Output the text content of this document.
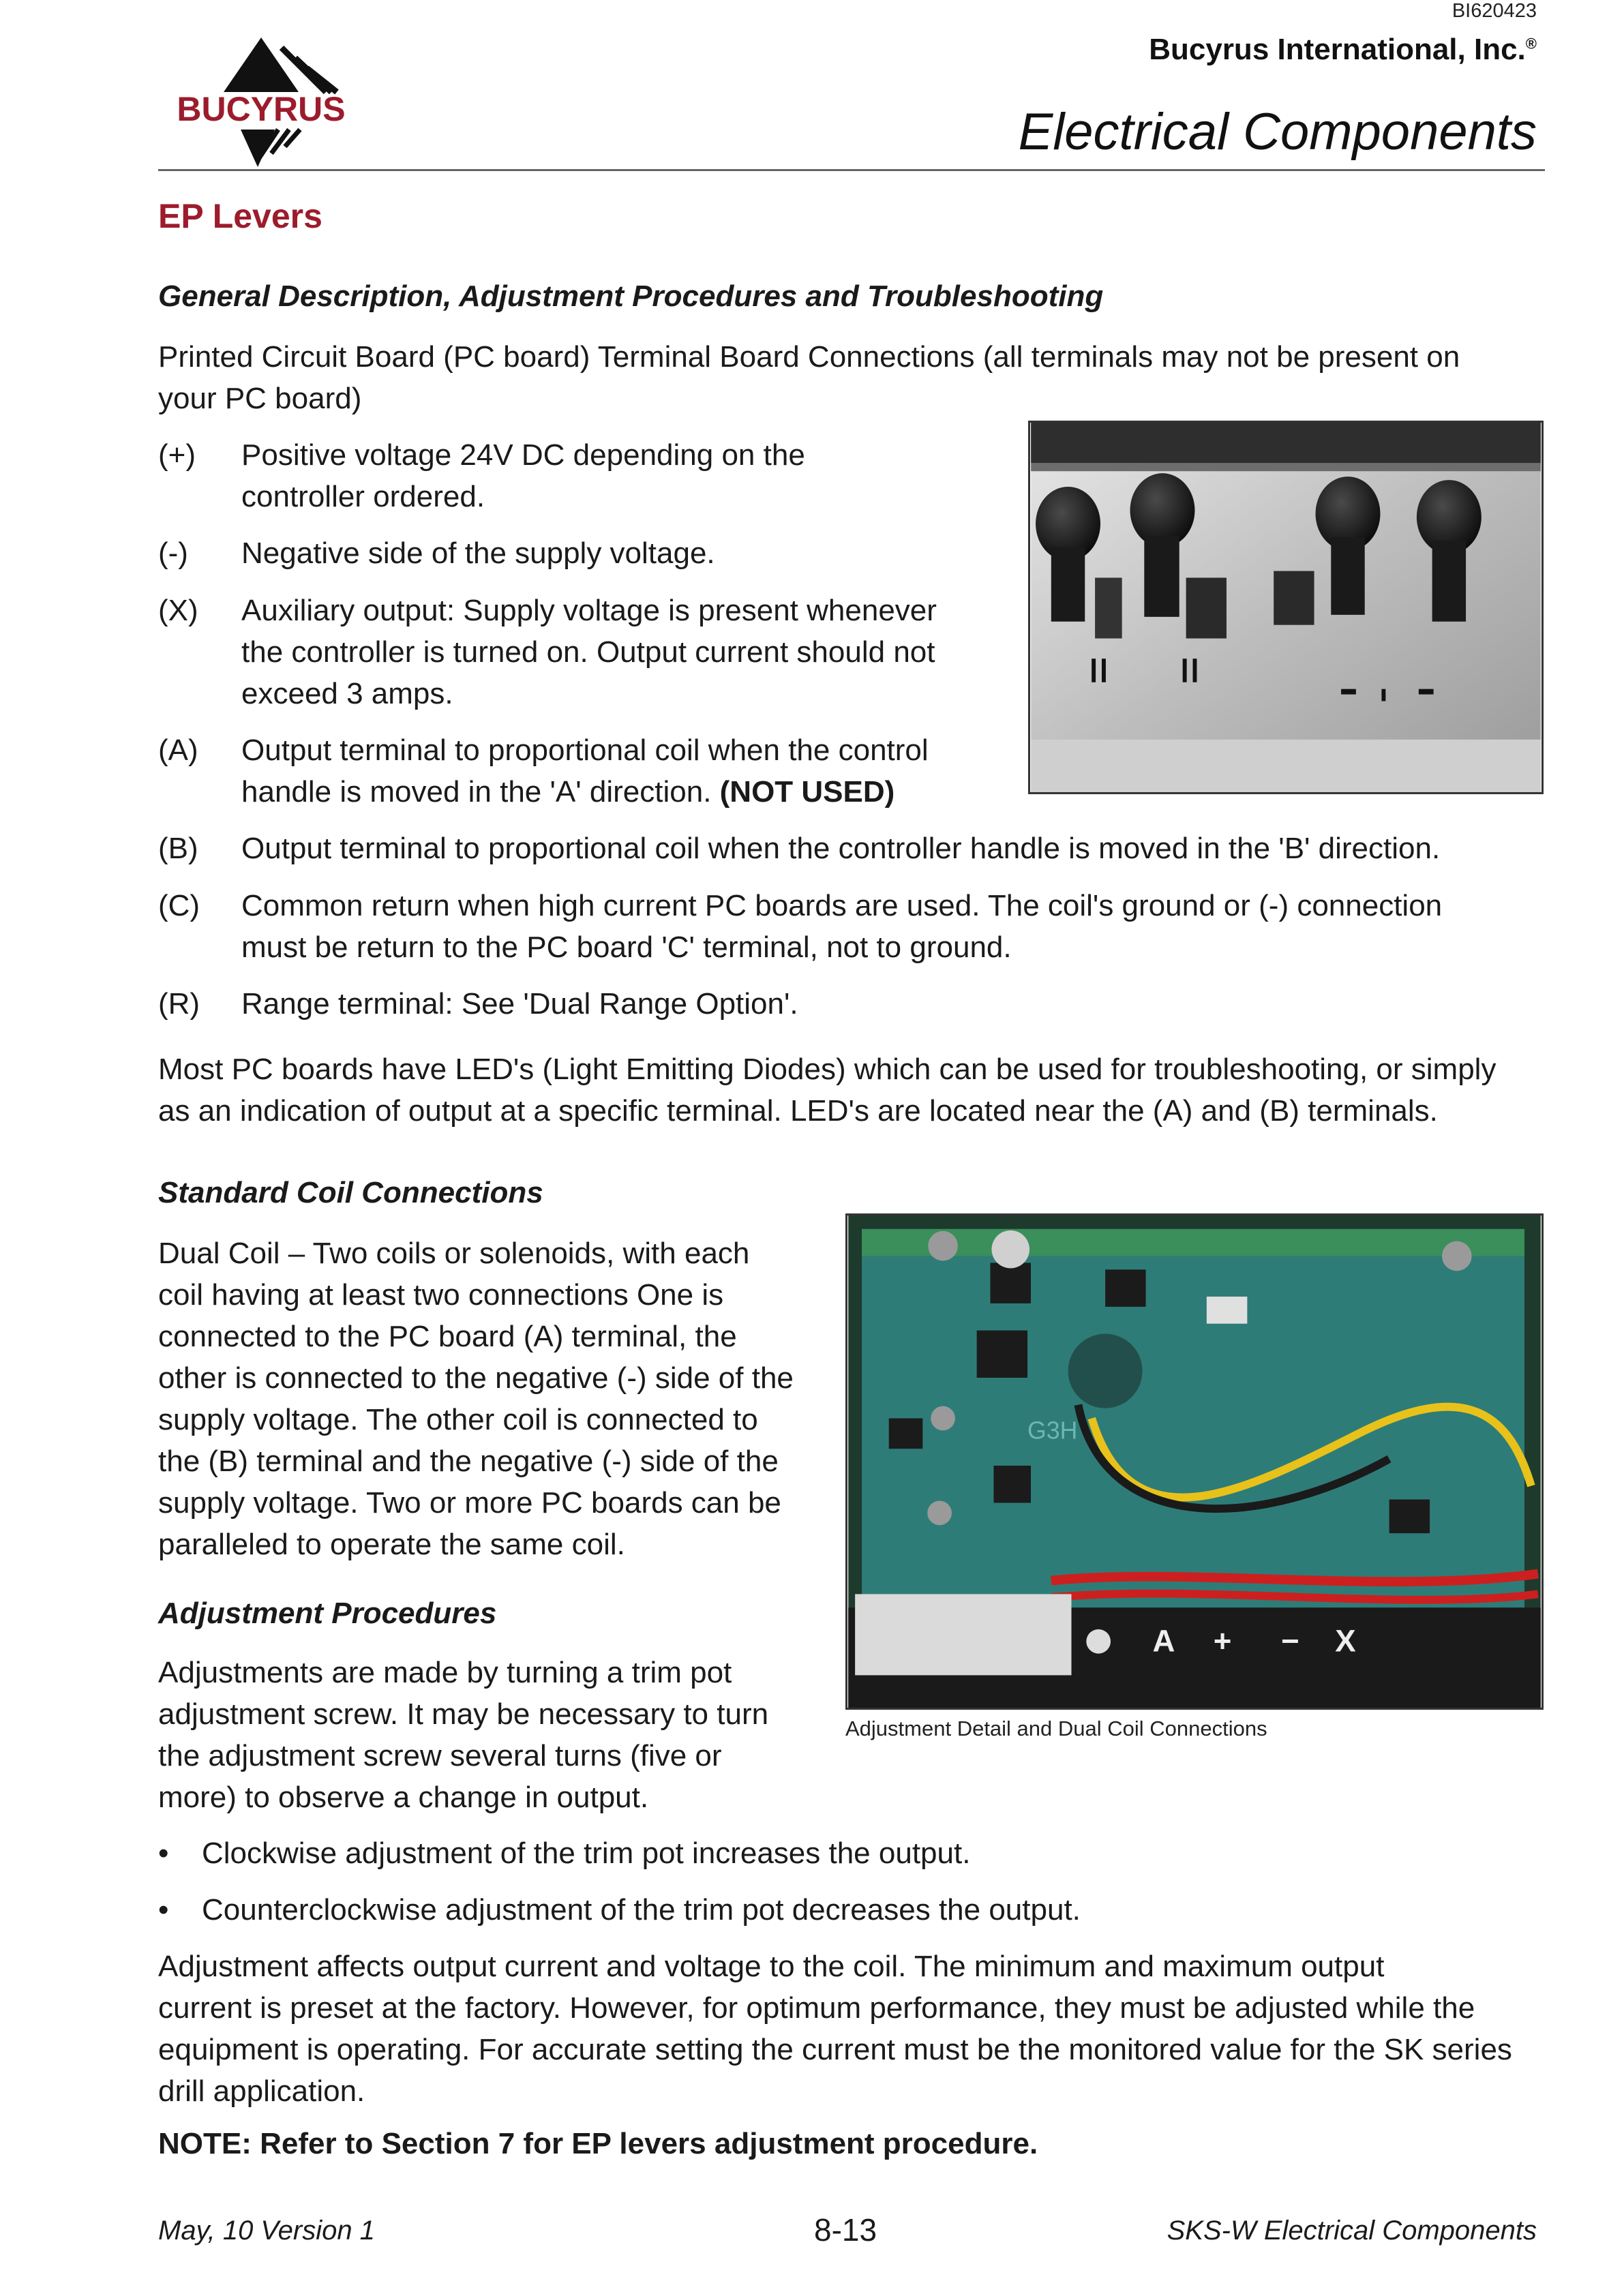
BI620423
Bucyrus International, Inc.®
Electrical Components
BUCYRUS
EP Levers
General Description, Adjustment Procedures and Troubleshooting
Printed Circuit Board (PC board) Terminal Board Connections (all terminals may not be present on
your PC board)
(+)	Positive voltage 24V DC depending on the
controller ordered.
(-)	Negative side of the supply voltage.
(X)	Auxiliary output: Supply voltage is present whenever
the controller is turned on. Output current should not
exceed 3 amps.
(A)	Output terminal to proportional coil when the control
handle is moved in the 'A' direction. (NOT USED)
(B)	Output terminal to proportional coil when the controller handle is moved in the 'B' direction.
(C)	Common return when high current PC boards are used. The coil's ground or (-) connection
must be return to the PC board 'C' terminal, not to ground.
(R)	Range terminal: See 'Dual Range Option'.
Most PC boards have LED's (Light Emitting Diodes) which can be used for troubleshooting, or simply
as an indication of output at a specific terminal. LED's are located near the (A) and (B) terminals.
Standard Coil Connections
Dual Coil – Two coils or solenoids, with each
coil having at least two connections One is
connected to the PC board (A) terminal, the
other is connected to the negative (-) side of the
supply voltage. The other coil is connected to
the (B) terminal and the negative (-) side of the
supply voltage. Two or more PC boards can be
paralleled to operate the same coil.
G3H
A + − X
Adjustment Detail and Dual Coil Connections
Adjustment Procedures
Adjustments are made by turning a trim pot
adjustment screw. It may be necessary to turn
the adjustment screw several turns (five or
more) to observe a change in output.
• Clockwise adjustment of the trim pot increases the output.
• Counterclockwise adjustment of the trim pot decreases the output.
Adjustment affects output current and voltage to the coil. The minimum and maximum output
current is preset at the factory. However, for optimum performance, they must be adjusted while the
equipment is operating. For accurate setting the current must be the monitored value for the SK series
drill application.
NOTE: Refer to Section 7 for EP levers adjustment procedure.
May, 10 Version 1	8-13	SKS-W Electrical Components
